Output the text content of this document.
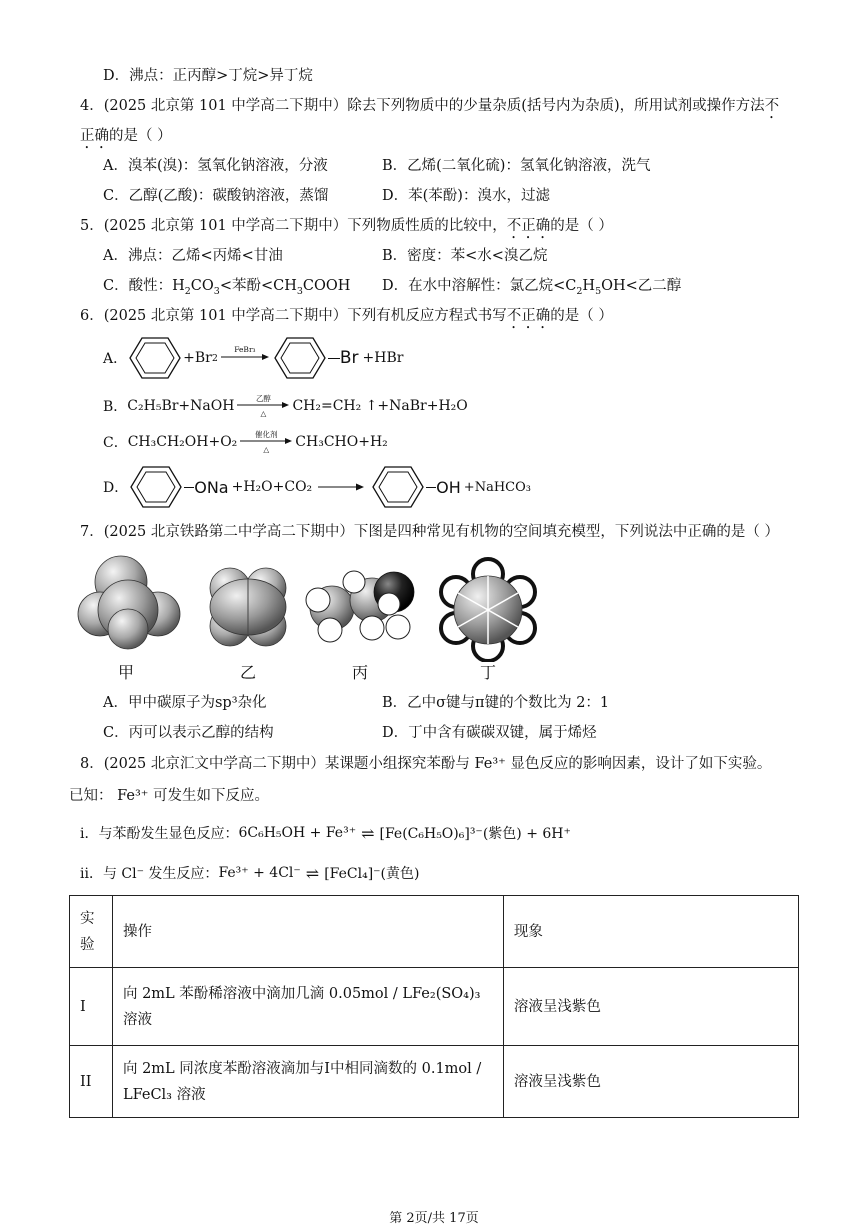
D．沸点：正丙醇>丁烷>异丁烷
4．(2025 北京第 101 中学高二下期中）除去下列物质中的少量杂质(括号内为杂质)，所用试剂或操作方法不
正确的是（ ）
A．溴苯(溴)：氢氧化钠溶液，分液	B．乙烯(二氧化硫)：氢氧化钠溶液，洗气
C．乙醇(乙酸)：碳酸钠溶液，蒸馏	D．苯(苯酚)：溴水，过滤
5．(2025 北京第 101 中学高二下期中）下列物质性质的比较中，不正确的是（ ）
A．沸点：乙烯<丙烯<甘油	B．密度：苯<水<溴乙烷
C．酸性：$H_2CO_3<$苯酚$<CH_3COOH$ D．在水中溶解性：氯乙烷$<C_2H_5OH<$乙二醇
6．(2025 北京第 101 中学高二下期中）下列有机反应方程式书写不正确的是（ ）
A．	+Br 2
FeBr₃	Br +HBr
B． C₂H₅Br+NaOH	乙醇
△	CH₂=CH₂ ↑+NaBr+H₂O
C． CH₃CH₂OH+O₂	催化剂
△	CH₃CHO+H₂
D．	ONa +H₂O+CO₂ →	OH +NaHCO₃
7．(2025 北京铁路第二中学高二下期中）下图是四种常见有机物的空间填充模型，下列说法中正确的是（ ）
甲	乙	丙	丁
A．甲中碳原子为sp³杂化	B．乙中σ键与π键的个数比为 2：1
C．丙可以表示乙醇的结构	D．丁中含有碳碳双键，属于烯烃
8．(2025 北京汇文中学高二下期中）某课题小组探究苯酚与 Fe³⁺ 显色反应的影响因素，设计了如下实验。
已知： Fe³⁺ 可发生如下反应。
i．与苯酚发生显色反应： 6C₆H₅OH + Fe³⁺ ⇌ [Fe(C₆H₅O)₆]³⁻(紫色) + 6H⁺
ii．与 Cl⁻ 发生反应： Fe³⁺ + 4Cl⁻ ⇌ [FeCl₄]⁻(黄色)
实验	操作	现象
I	向 2mL 苯酚稀溶液中滴加几滴 0.05mol / LFe₂(SO₄)₃ 溶液	溶液呈浅紫色
II	向 2mL 同浓度苯酚溶液滴加与I中相同滴数的 0.1mol / LFeCl₃ 溶液	溶液呈浅紫色
第 2页/共 17页
